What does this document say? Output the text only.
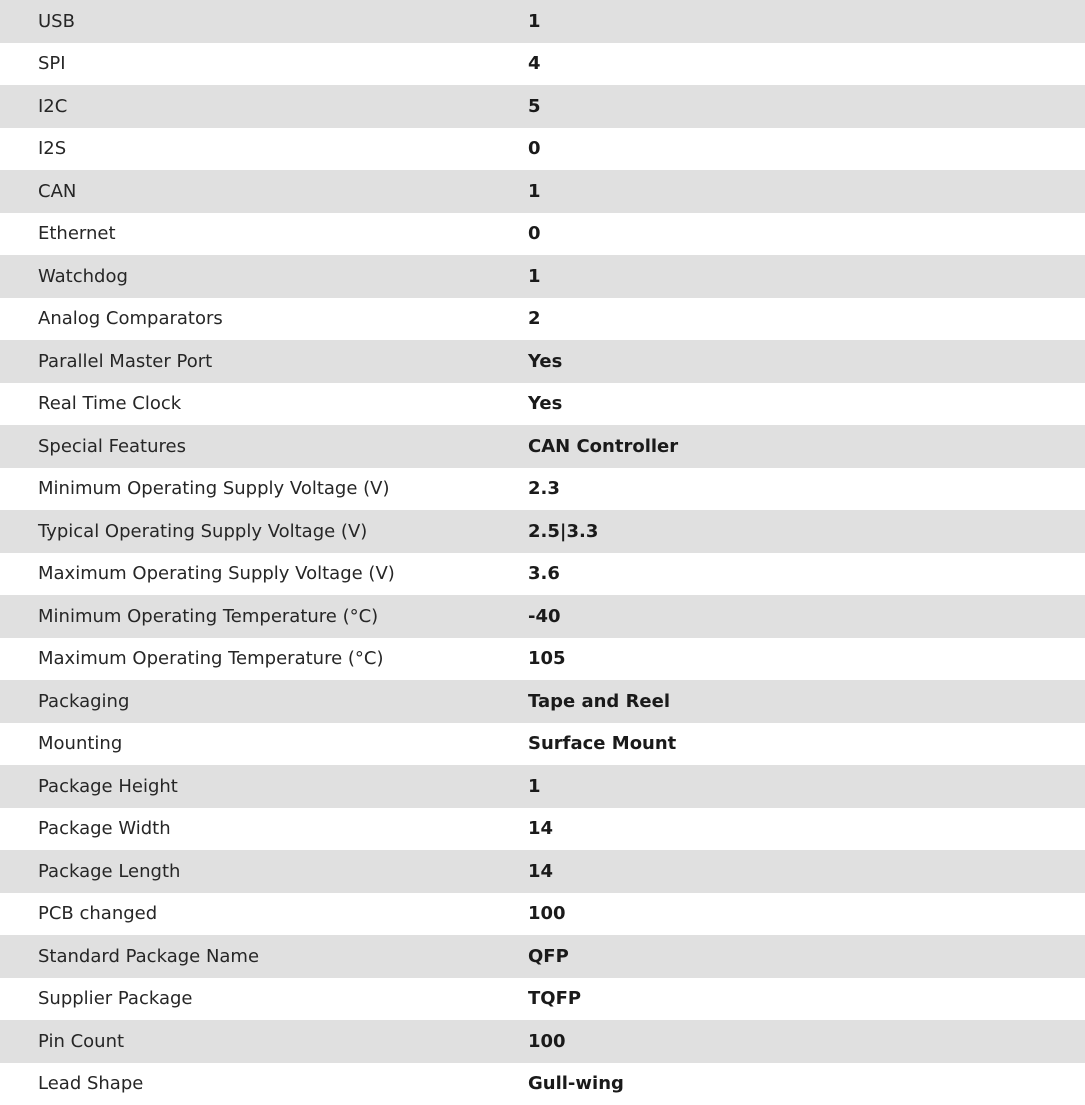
USB	1
SPI	4
I2C	5
I2S	0
CAN	1
Ethernet	0
Watchdog	1
Analog Comparators	2
Parallel Master Port	Yes
Real Time Clock	Yes
Special Features	CAN Controller
Minimum Operating Supply Voltage (V)	2.3
Typical Operating Supply Voltage (V)	2.5|3.3
Maximum Operating Supply Voltage (V)	3.6
Minimum Operating Temperature (°C)	-40
Maximum Operating Temperature (°C)	105
Packaging	Tape and Reel
Mounting	Surface Mount
Package Height	1
Package Width	14
Package Length	14
PCB changed	100
Standard Package Name	QFP
Supplier Package	TQFP
Pin Count	100
Lead Shape	Gull-wing
